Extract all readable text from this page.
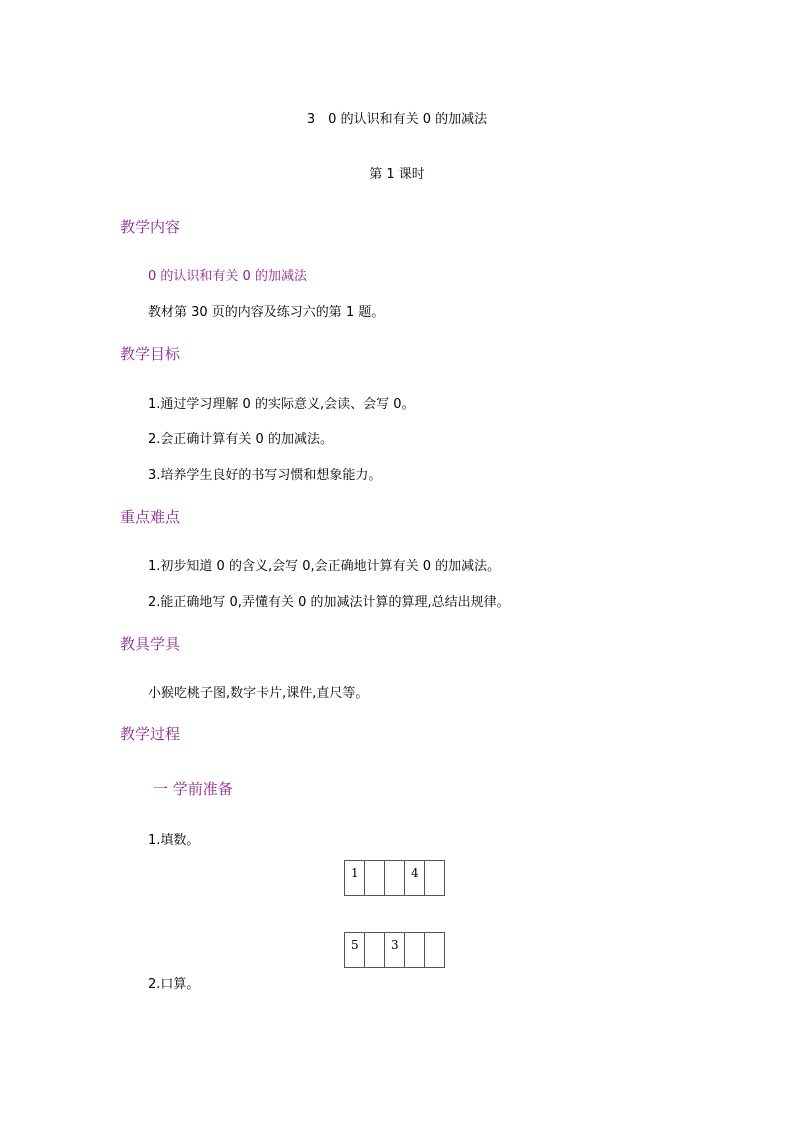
3　0 的认识和有关 0 的加减法
第 1 课时
教学内容
0 的认识和有关 0 的加减法
教材第 30 页的内容及练习六的第 1 题。
教学目标
1.通过学习理解 0 的实际意义,会读、会写 0。
2.会正确计算有关 0 的加减法。
3.培养学生良好的书写习惯和想象能力。
重点难点
1.初步知道 0 的含义,会写 0,会正确地计算有关 0 的加减法。
2.能正确地写 0,弄懂有关 0 的加减法计算的算理,总结出规律。
教具学具
小猴吃桃子图,数字卡片,课件,直尺等。
教学过程
一 学前准备
1.填数。
1	4
5	3
2.口算。
